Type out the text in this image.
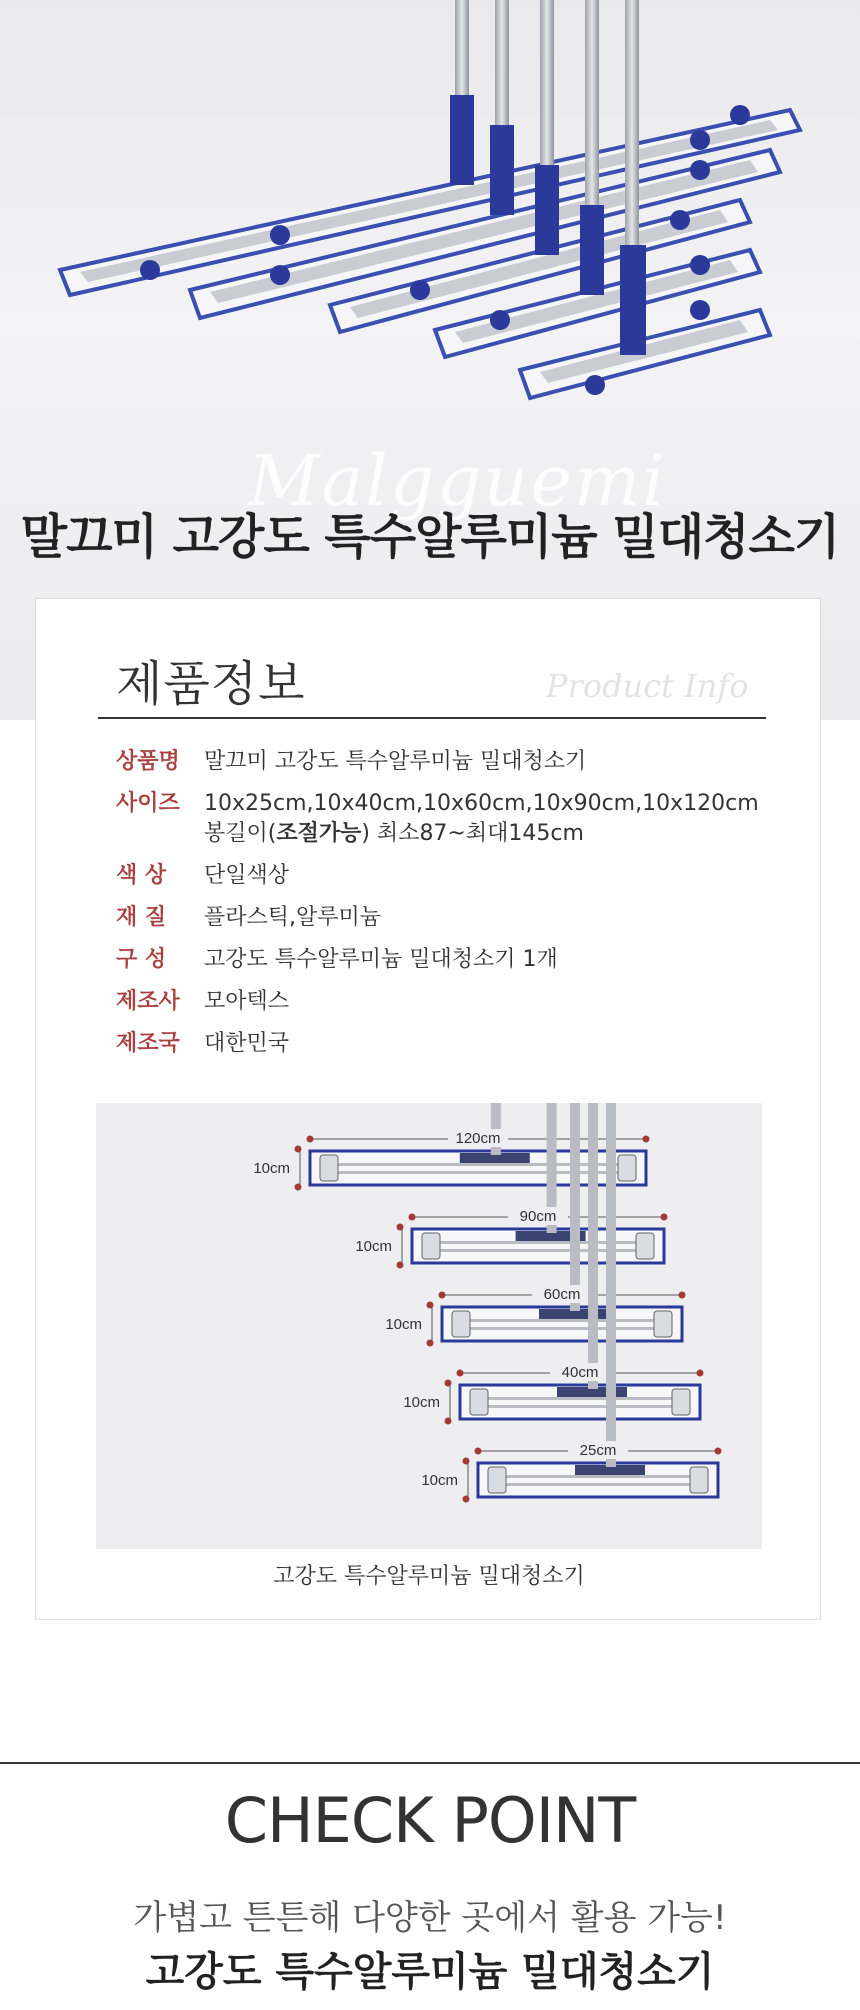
Malgguemi
말끄미 고강도 특수알루미늄 밀대청소기
제품정보	Product Info
상품명	말끄미 고강도 특수알루미늄 밀대청소기
사이즈	10x25cm,10x40cm,10x60cm,10x90cm,10x120cm
봉길이(조절가능) 최소87~최대145cm
색 상	단일색상
재 질	플라스틱,알루미늄
구 성	고강도 특수알루미늄 밀대청소기 1개
제조사	모아텍스
제조국	대한민국
120cm
10cm
90cm
10cm
60cm
10cm
40cm
10cm
25cm
10cm
고강도 특수알루미늄 밀대청소기
CHECK POINT
가볍고 튼튼해 다양한 곳에서 활용 가능!
고강도 특수알루미늄 밀대청소기
